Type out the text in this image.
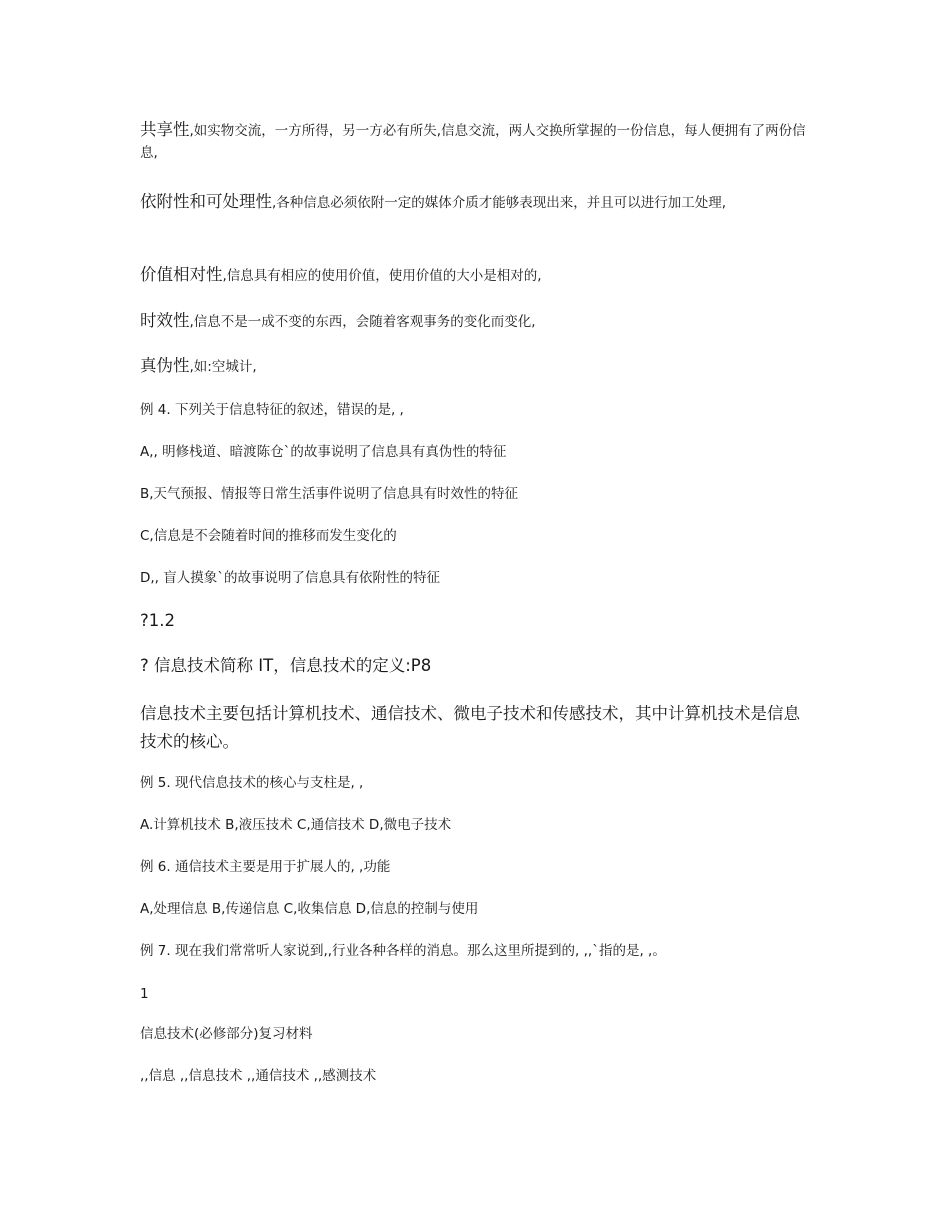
共享性,如实物交流，一方所得，另一方必有所失,信息交流，两人交换所掌握的一份信息，每人便拥有了两份信息,
依附性和可处理性,各种信息必须依附一定的媒体介质才能够表现出来，并且可以进行加工处理,
价值相对性,信息具有相应的使用价值，使用价值的大小是相对的,
时效性,信息不是一成不变的东西，会随着客观事务的变化而变化,
真伪性,如:空城计,
例 4. 下列关于信息特征的叙述，错误的是, ,
A,, 明修栈道、暗渡陈仓`的故事说明了信息具有真伪性的特征
B,天气预报、情报等日常生活事件说明了信息具有时效性的特征
C,信息是不会随着时间的推移而发生变化的
D,, 盲人摸象`的故事说明了信息具有依附性的特征
?1.2
? 信息技术简称 IT，信息技术的定义:P8
信息技术主要包括计算机技术、通信技术、微电子技术和传感技术，其中计算机技术是信息技术的核心。
例 5. 现代信息技术的核心与支柱是, ,
A.计算机技术 B,液压技术 C,通信技术 D,微电子技术
例 6. 通信技术主要是用于扩展人的, ,功能
A,处理信息 B,传递信息 C,收集信息 D,信息的控制与使用
例 7. 现在我们常常听人家说到,,行业各种各样的消息。那么这里所提到的, ,,`指的是, ,。
1
信息技术(必修部分)复习材料
,,信息 ,,信息技术 ,,通信技术 ,,感测技术
